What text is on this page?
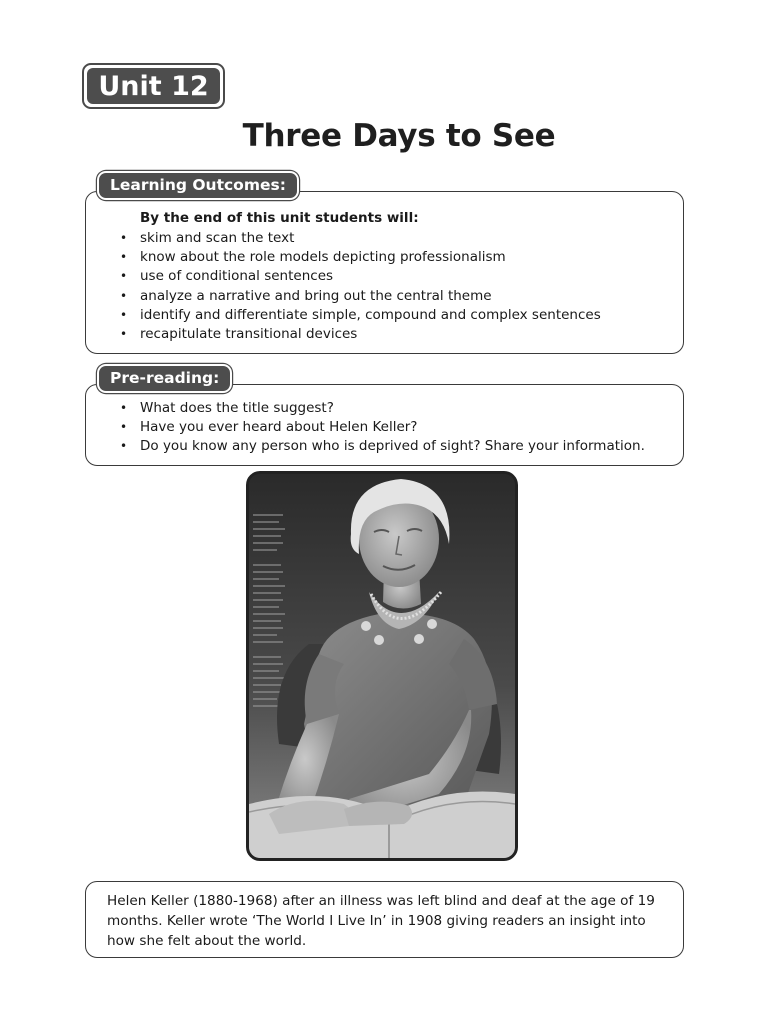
Unit 12
Three Days to See
By the end of this unit students will:
• skim and scan the text
• know about the role models depicting professionalism
• use of conditional sentences
• analyze a narrative and bring out the central theme
• identify and differentiate simple, compound and complex sentences
• recapitulate transitional devices
Learning Outcomes:
• What does the title suggest?
• Have you ever heard about Helen Keller?
• Do you know any person who is deprived of sight? Share your information.
Pre-reading:
Helen Keller (1880-1968) after an illness was left blind and deaf at the age of 19 months. Keller wrote ‘The World I Live In’ in 1908 giving readers an insight into how she felt about the world.
